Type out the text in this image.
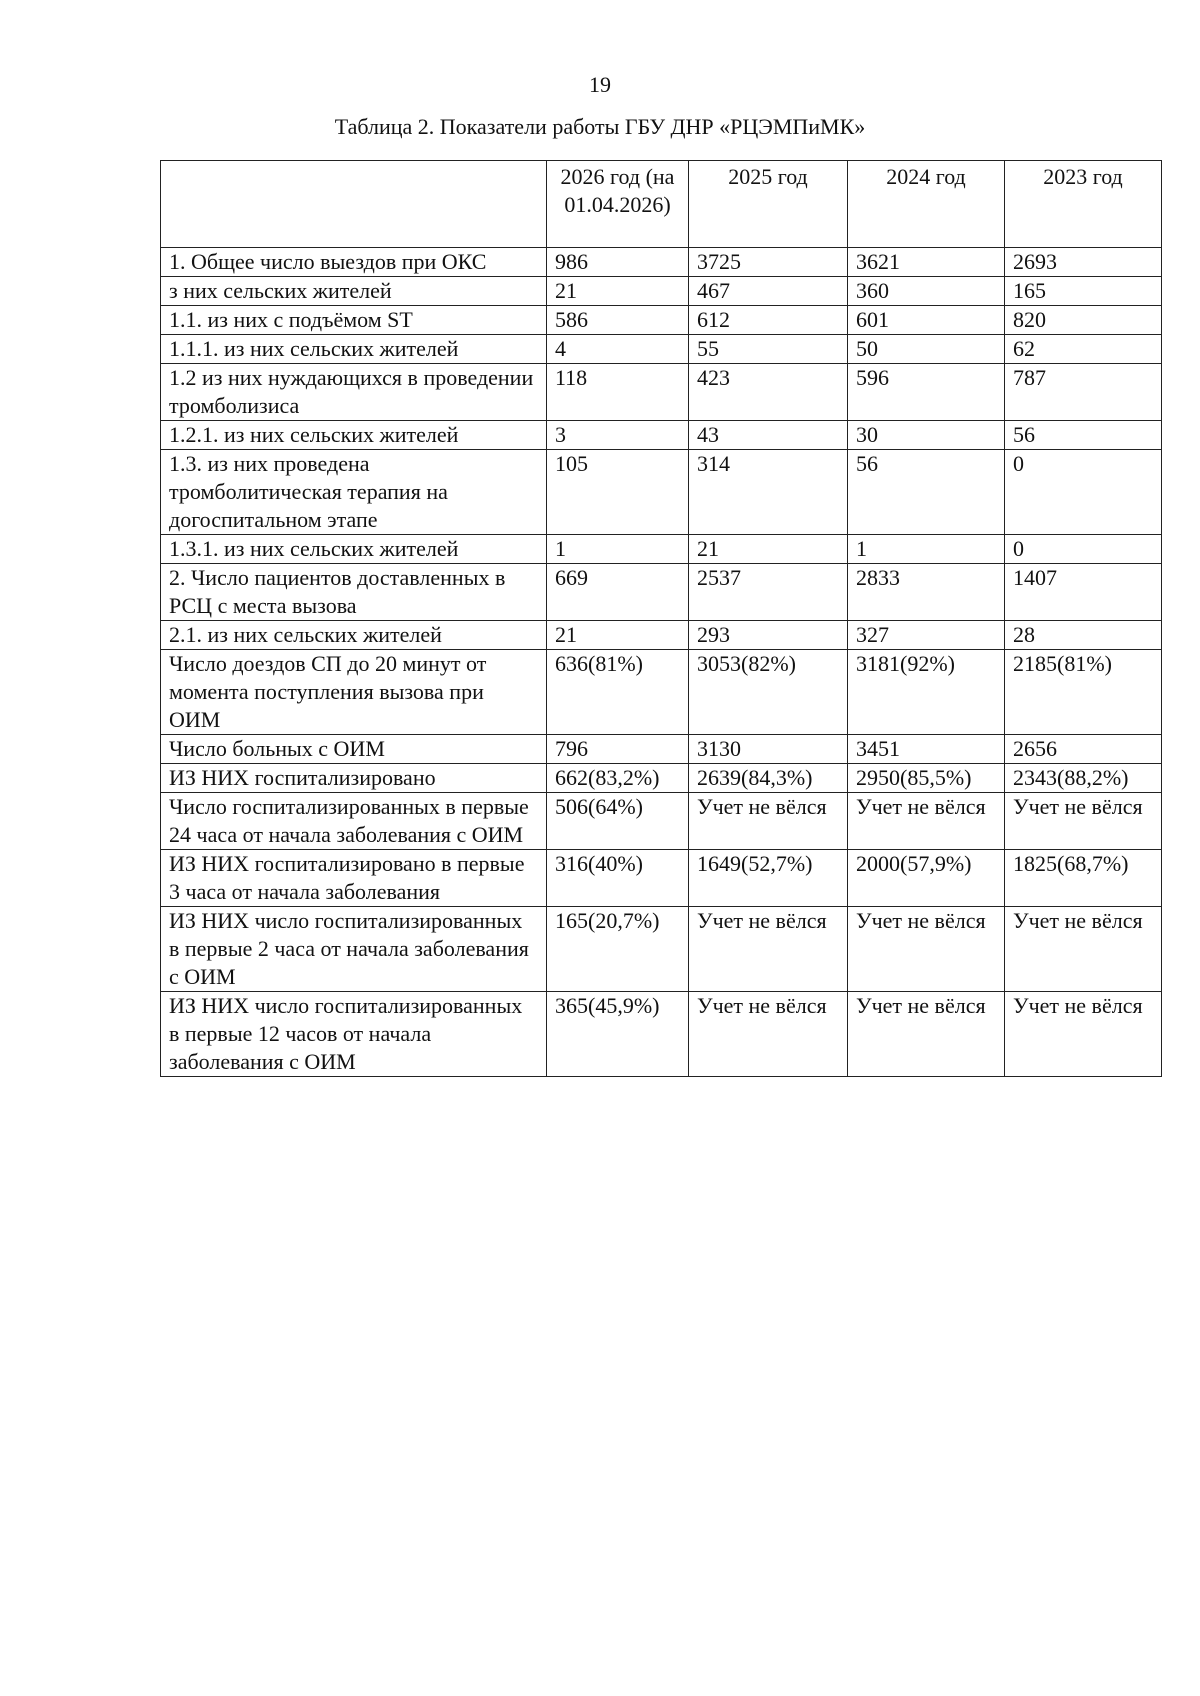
19
Таблица 2. Показатели работы ГБУ ДНР «РЦЭМПиМК»
	2026 год (на 01.04.2026)	2025 год	2024 год	2023 год
1. Общее число выездов при ОКС	986	3725	3621	2693
з них сельских жителей	21	467	360	165
1.1. из них с подъёмом ST	586	612	601	820
1.1.1. из них сельских жителей	4	55	50	62
1.2 из них нуждающихся в проведении тромболизиса	118	423	596	787
1.2.1. из них сельских жителей	3	43	30	56
1.3. из них проведена тромболитическая терапия на догоспитальном этапе	105	314	56	0
1.3.1. из них сельских жителей	1	21	1	0
2. Число пациентов доставленных в РСЦ с места вызова	669	2537	2833	1407
2.1. из них сельских жителей	21	293	327	28
Число доездов СП до 20 минут от момента поступления вызова при ОИМ	636(81%)	3053(82%)	3181(92%)	2185(81%)
Число больных с ОИМ	796	3130	3451	2656
ИЗ НИХ госпитализировано	662(83,2%)	2639(84,3%)	2950(85,5%)	2343(88,2%)
Число госпитализированных в первые 24 часа от начала заболевания с ОИМ	506(64%)	Учет не вёлся	Учет не вёлся	Учет не вёлся
ИЗ НИХ госпитализировано в первые 3 часа от начала заболевания	316(40%)	1649(52,7%)	2000(57,9%)	1825(68,7%)
ИЗ НИХ число госпитализированных в первые 2 часа от начала заболевания с ОИМ	165(20,7%)	Учет не вёлся	Учет не вёлся	Учет не вёлся
ИЗ НИХ число госпитализированных в первые 12 часов от начала заболевания с ОИМ	365(45,9%)	Учет не вёлся	Учет не вёлся	Учет не вёлся
